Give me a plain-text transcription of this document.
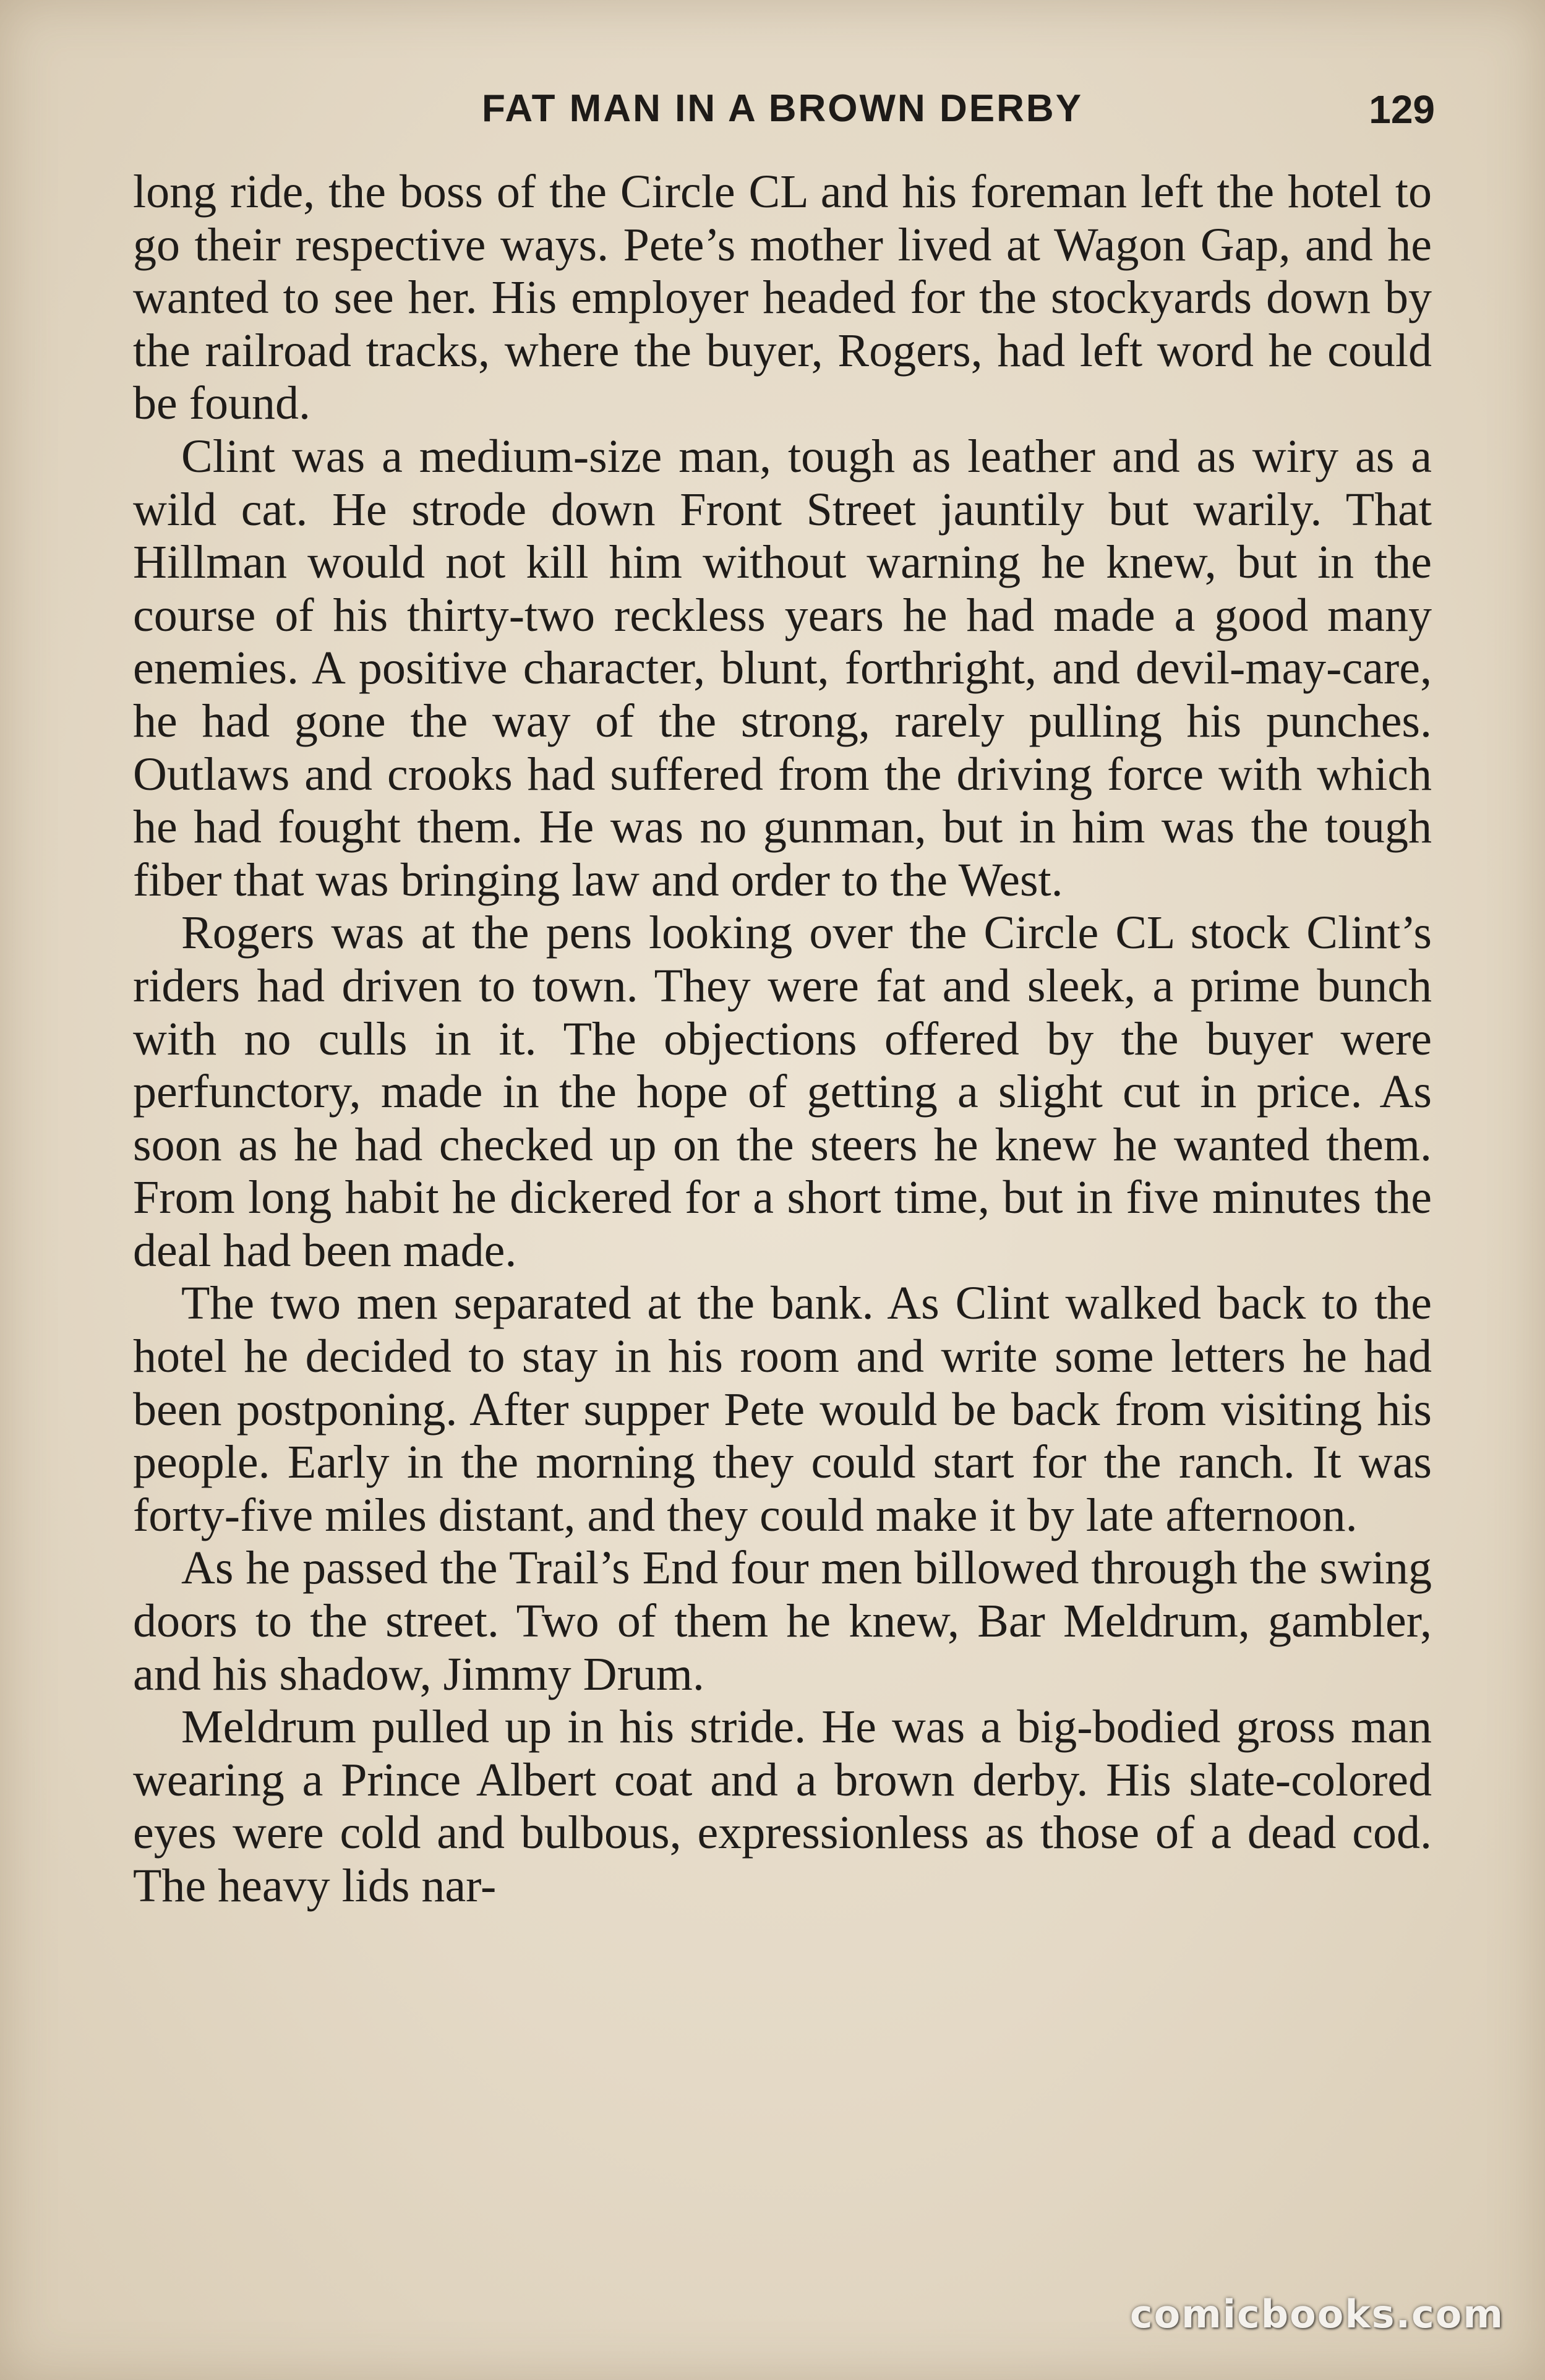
FAT MAN IN A BROWN DERBY	129

long ride, the boss of the Circle CL and his foreman left the hotel to go their respective ways. Pete’s mother lived at Wagon Gap, and he wanted to see her. His employer headed for the stockyards down by the railroad tracks, where the buyer, Rogers, had left word he could be found.

Clint was a medium-size man, tough as leather and as wiry as a wild cat. He strode down Front Street jauntily but warily. That Hillman would not kill him without warning he knew, but in the course of his thirty-two reckless years he had made a good many enemies. A positive character, blunt, forthright, and devil-may-care, he had gone the way of the strong, rarely pulling his punches. Outlaws and crooks had suffered from the driving force with which he had fought them. He was no gunman, but in him was the tough fiber that was bringing law and order to the West.

Rogers was at the pens looking over the Circle CL stock Clint’s riders had driven to town. They were fat and sleek, a prime bunch with no culls in it. The objections offered by the buyer were perfunctory, made in the hope of getting a slight cut in price. As soon as he had checked up on the steers he knew he wanted them. From long habit he dickered for a short time, but in five minutes the deal had been made.

The two men separated at the bank. As Clint walked back to the hotel he decided to stay in his room and write some letters he had been postponing. After supper Pete would be back from visiting his people. Early in the morning they could start for the ranch. It was forty-five miles distant, and they could make it by late afternoon.

As he passed the Trail’s End four men billowed through the swing doors to the street. Two of them he knew, Bar Meldrum, gambler, and his shadow, Jimmy Drum.

Meldrum pulled up in his stride. He was a big-bodied gross man wearing a Prince Albert coat and a brown derby. His slate-colored eyes were cold and bulbous, expressionless as those of a dead cod. The heavy lids nar-

comicbooks.com
